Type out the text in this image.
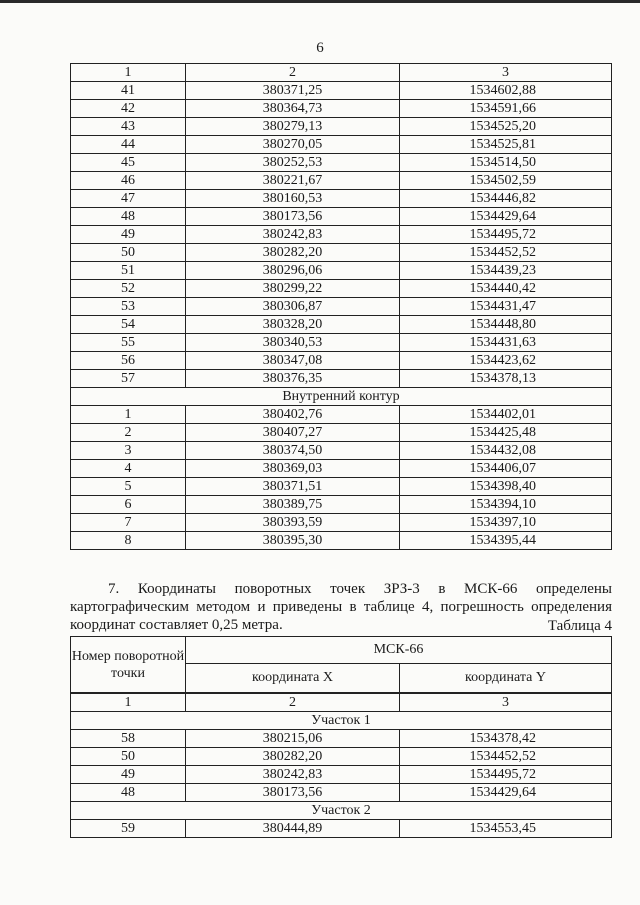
6
1	2	3
41	380371,25	1534602,88
42	380364,73	1534591,66
43	380279,13	1534525,20
44	380270,05	1534525,81
45	380252,53	1534514,50
46	380221,67	1534502,59
47	380160,53	1534446,82
48	380173,56	1534429,64
49	380242,83	1534495,72
50	380282,20	1534452,52
51	380296,06	1534439,23
52	380299,22	1534440,42
53	380306,87	1534431,47
54	380328,20	1534448,80
55	380340,53	1534431,63
56	380347,08	1534423,62
57	380376,35	1534378,13
Внутренний контур		
1	380402,76	1534402,01
2	380407,27	1534425,48
3	380374,50	1534432,08
4	380369,03	1534406,07
5	380371,51	1534398,40
6	380389,75	1534394,10
7	380393,59	1534397,10
8	380395,30	1534395,44

7. Координаты поворотных точек ЗРЗ-3 в МСК-66 определены картографическим методом и приведены в таблице 4, погрешность определения координат составляет 0,25 метра.	Таблица 4
Номер поворотной точки	МСК-66	
	координата X	координата Y
1	2	3
Участок 1		
58	380215,06	1534378,42
50	380282,20	1534452,52
49	380242,83	1534495,72
48	380173,56	1534429,64
Участок 2		
59	380444,89	1534553,45
